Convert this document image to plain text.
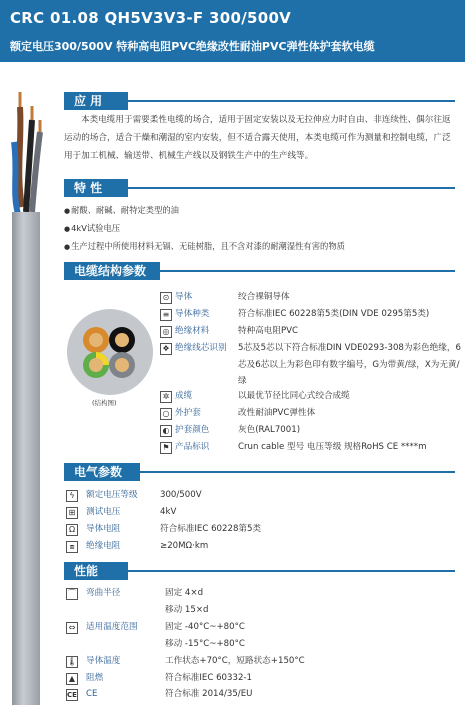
CRC 01.08 QH5V3V3-F 300/500V
额定电压300/500V 特种高电阻PVC绝缘改性耐油PVC弹性体护套软电缆
应 用
本类电缆用于需要柔性电缆的场合，适用于固定安装以及无拉伸应力时自由、非连续性、偶尔往返运动的场合，适合干燥和潮湿的室内安装，但不适合露天使用，本类电缆可作为测量和控制电缆，广泛用于加工机械、输送带、机械生产线以及钢铁生产中的生产线等。
特 性
● 耐酸、耐碱、耐特定类型的油
● 4kV试验电压
● 生产过程中所使用材料无镉、无硅树脂，且不含对漆的耐潮湿性有害的物质
电缆结构参数
(结构图)
⊙ 导体	绞合裸铜导体
≡ 导体种类	符合标准IEC 60228第5类(DIN VDE 0295第5类)
◎ 绝缘材料	特种高电阻PVC
❖ 绝缘线芯识别 5芯及5芯以下符合标准DIN VDE0293-308为彩色绝缘，6芯及6芯以上为彩色印有数字编号，G为带黄/绿，X为无黄/绿
✲ 成缆	以最优节径比同心式绞合成缆
○ 外护套	改性耐油PVC弹性体
◐ 护套颜色	灰色(RAL7001)
⚑ 产品标识	Crun cable 型号 电压等级 规格RoHS CE ****m
电气参数
ϟ	额定电压等级	300/500V
⊞	测试电压	4kV
Ω	导体电阻	符合标准IEC 60228第5类
⧈	绝缘电阻	≥20MΩ·km
性能
⌒ 弯曲半径	固定 4×d
移动 15×d
⇔	适用温度范围	固定 -40°C~+80°C
移动 -15°C~+80°C
🌡︎ 导体温度	工作状态+70°C，短路状态+150°C
▲	阻燃	符合标准IEC 60332-1
CE CE	符合标准 2014/35/EU
